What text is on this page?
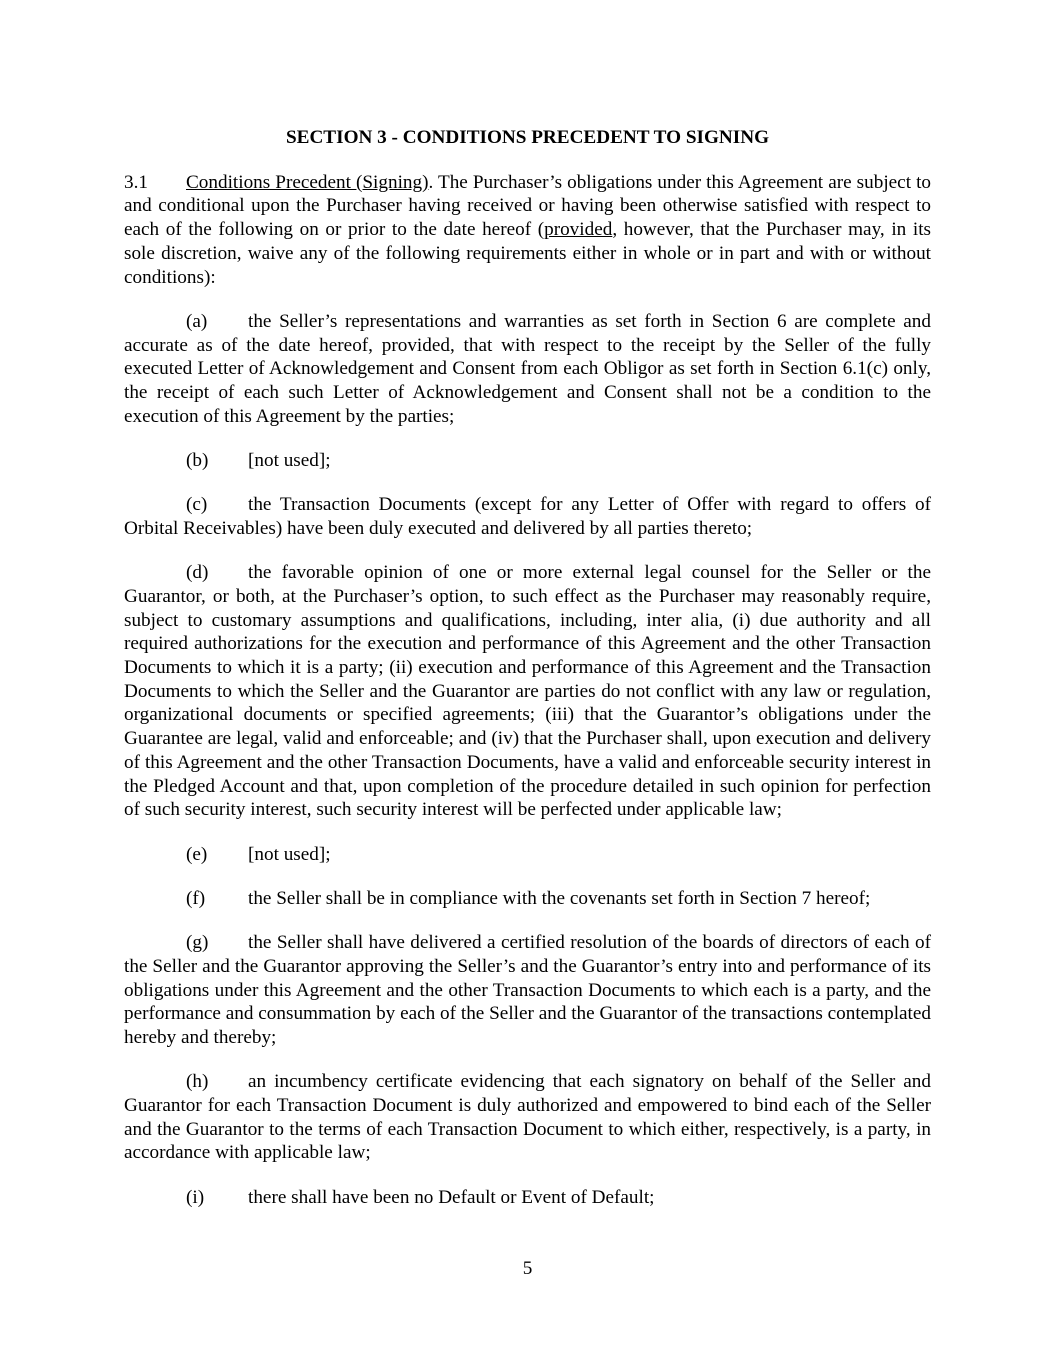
SECTION 3 - CONDITIONS PRECEDENT TO SIGNING

3.1 Conditions Precedent (Signing). The Purchaser’s obligations under this Agreement are subject to and conditional upon the Purchaser having received or having been otherwise satisfied with respect to each of the following on or prior to the date hereof (provided, however, that the Purchaser may, in its sole discretion, waive any of the following requirements either in whole or in part and with or without conditions):

(a) the Seller’s representations and warranties as set forth in Section 6 are complete and accurate as of the date hereof, provided, that with respect to the receipt by the Seller of the fully executed Letter of Acknowledgement and Consent from each Obligor as set forth in Section 6.1(c) only, the receipt of each such Letter of Acknowledgement and Consent shall not be a condition to the execution of this Agreement by the parties;

(b) [not used];

(c) the Transaction Documents (except for any Letter of Offer with regard to offers of Orbital Receivables) have been duly executed and delivered by all parties thereto;

(d) the favorable opinion of one or more external legal counsel for the Seller or the Guarantor, or both, at the Purchaser’s option, to such effect as the Purchaser may reasonably require, subject to customary assumptions and qualifications, including, inter alia, (i) due authority and all required authorizations for the execution and performance of this Agreement and the other Transaction Documents to which it is a party; (ii) execution and performance of this Agreement and the Transaction Documents to which the Seller and the Guarantor are parties do not conflict with any law or regulation, organizational documents or specified agreements; (iii) that the Guarantor’s obligations under the Guarantee are legal, valid and enforceable; and (iv) that the Purchaser shall, upon execution and delivery of this Agreement and the other Transaction Documents, have a valid and enforceable security interest in the Pledged Account and that, upon completion of the procedure detailed in such opinion for perfection of such security interest, such security interest will be perfected under applicable law;

(e) [not used];

(f) the Seller shall be in compliance with the covenants set forth in Section 7 hereof;

(g) the Seller shall have delivered a certified resolution of the boards of directors of each of the Seller and the Guarantor approving the Seller’s and the Guarantor’s entry into and performance of its obligations under this Agreement and the other Transaction Documents to which each is a party, and the performance and consummation by each of the Seller and the Guarantor of the transactions contemplated hereby and thereby;

(h) an incumbency certificate evidencing that each signatory on behalf of the Seller and Guarantor for each Transaction Document is duly authorized and empowered to bind each of the Seller and the Guarantor to the terms of each Transaction Document to which either, respectively, is a party, in accordance with applicable law;

(i) there shall have been no Default or Event of Default;

5
